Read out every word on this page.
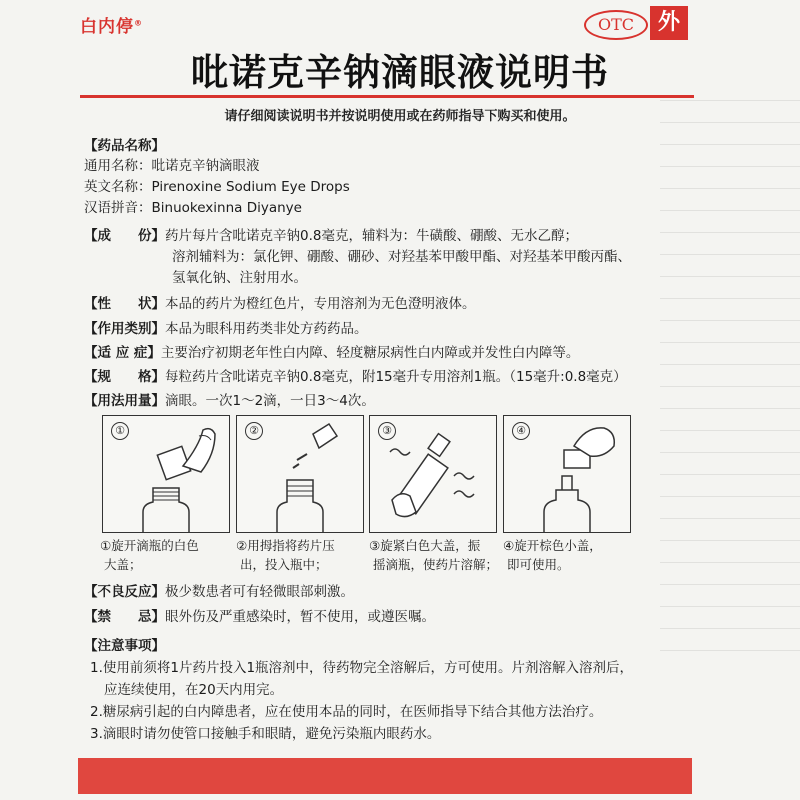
白内停®	OTC	外
吡诺克辛钠滴眼液说明书
请仔细阅读说明书并按说明使用或在药师指导下购买和使用。
【药品名称】
通用名称：吡诺克辛钠滴眼液
英文名称：Pirenoxine Sodium Eye Drops
汉语拼音：Binuokexinna Diyanye
【成　　份】药片每片含吡诺克辛钠0.8毫克，辅料为：牛磺酸、硼酸、无水乙醇；
溶剂辅料为：氯化钾、硼酸、硼砂、对羟基苯甲酸甲酯、对羟基苯甲酸丙酯、
氢氧化钠、注射用水。
【性　　状】本品的药片为橙红色片，专用溶剂为无色澄明液体。
【作用类别】本品为眼科用药类非处方药药品。
【适 应 症】主要治疗初期老年性白内障、轻度糖尿病性白内障或并发性白内障等。
【规　　格】每粒药片含吡诺克辛钠0.8毫克，附15毫升专用溶剂1瓶。（15毫升:0.8毫克）
【用法用量】滴眼。一次1～2滴，一日3～4次。
①	②	③	④
①旋开滴瓶的白色
大盖；
②用拇指将药片压
出，投入瓶中；
③旋紧白色大盖，振
摇滴瓶，使药片溶解；
④旋开棕色小盖，
即可使用。
【不良反应】极少数患者可有轻微眼部刺激。
【禁　　忌】眼外伤及严重感染时，暂不使用，或遵医嘱。
【注意事项】
1.使用前须将1片药片投入1瓶溶剂中，待药物完全溶解后，方可使用。片剂溶解入溶剂后，
应连续使用，在20天内用完。
2.糖尿病引起的白内障患者，应在使用本品的同时，在医师指导下结合其他方法治疗。
3.滴眼时请勿使管口接触手和眼睛，避免污染瓶内眼药水。
